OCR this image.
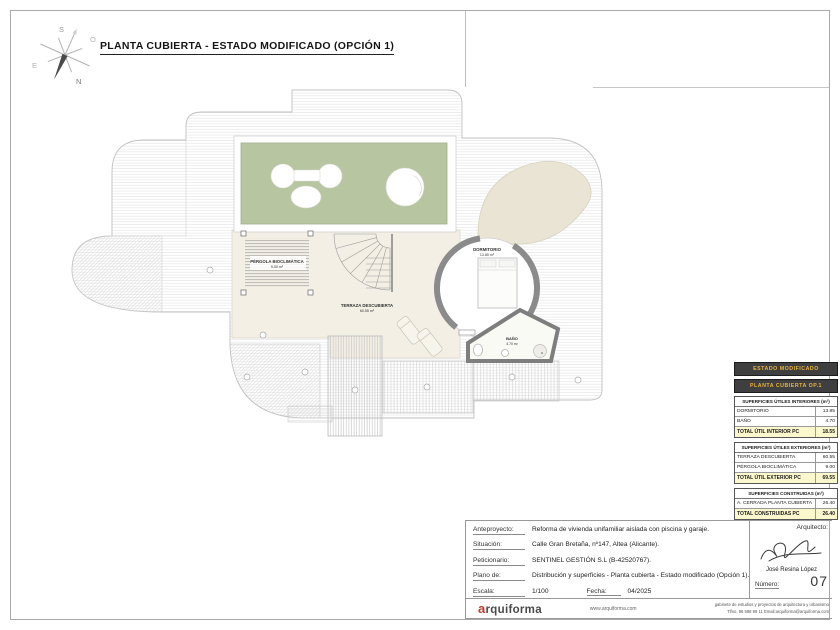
S
O
E
N
PLANTA CUBIERTA - ESTADO MODIFICADO (OPCIÓN 1)
PÉRGOLA BIOCLIMÁTICA
9.00 m²
TERRAZA DESCUBIERTA
60.55 m²
DORMITORIO
13.85 m²
BAÑO
4.70 m²
ESTADO MODIFICADO
PLANTA CUBIERTA OP.1
SUPERFICIES ÚTILES INTERIORES (m²)
DORMITORIO	13.85
BAÑO	4.70
TOTAL ÚTIL INTERIOR PC	18.55
SUPERFICIES ÚTILES EXTERIORES (m²)
TERRAZA DESCUBIERTA	60.55
PÉRGOLA BIOCLIMÁTICA	9.00
TOTAL ÚTIL EXTERIOR PC	69.55
SUPERFICIES CONSTRUIDAS (m²)
A. CERRADA PLANTA CUBIERTA	26.40
TOTAL CONSTRUIDAS PC	26.40
Anteproyecto:	Reforma de vivienda unifamiliar aislada con piscina y garaje.
Situación:	Calle Gran Bretaña, nº147, Altea (Alicante).
Peticionario:	SENTINEL GESTIÓN S.L (B-42520767).
Plano de:	Distribución y superficies - Planta cubierta - Estado modificado (Opción 1).
Escala:	1/100	Fecha:	04/2025
Arquitecto:
José Resina López
Número: 07
arquiforma	www.arquiforma.com
gabinete de estudios y proyectos de arquitectura y urbanismo
Tlfno. 96 588 89 11 Email:arquiforma@arquiforma.com
